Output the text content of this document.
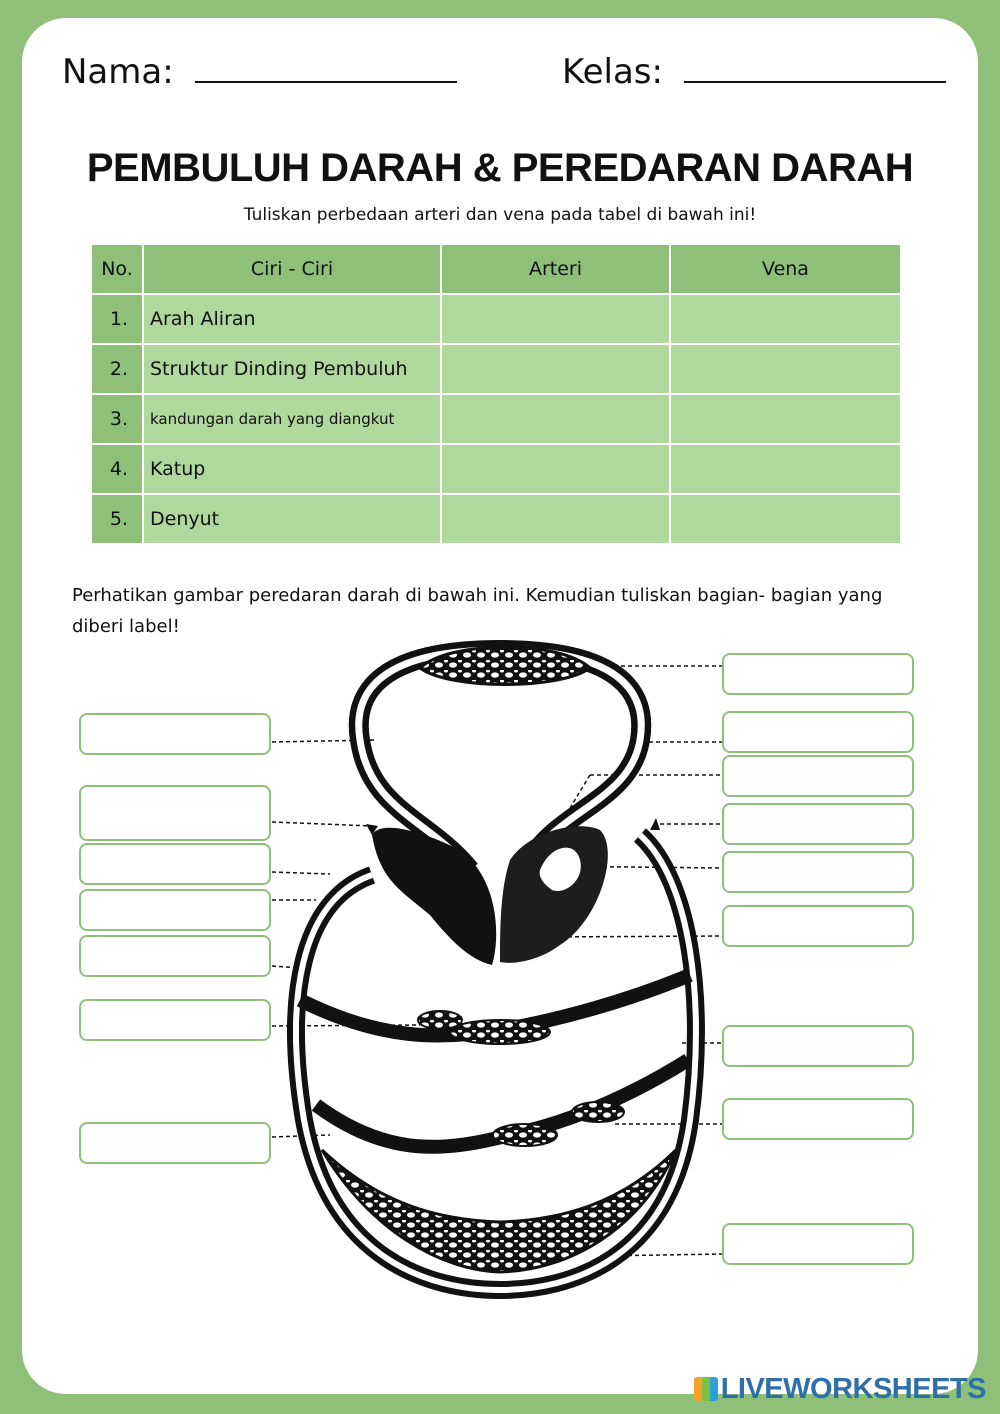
Nama:	Kelas:
PEMBULUH DARAH & PEREDARAN DARAH
Tuliskan perbedaan arteri dan vena pada tabel di bawah ini!
No.	Ciri - Ciri	Arteri	Vena
1.	Arah Aliran		
2.	Struktur Dinding Pembuluh		
3.	kandungan darah yang diangkut		
4.	Katup		
5.	Denyut		
Perhatikan gambar peredaran darah di bawah ini. Kemudian tuliskan bagian- bagian yang diberi label!
LIVEWORKSHEETS
